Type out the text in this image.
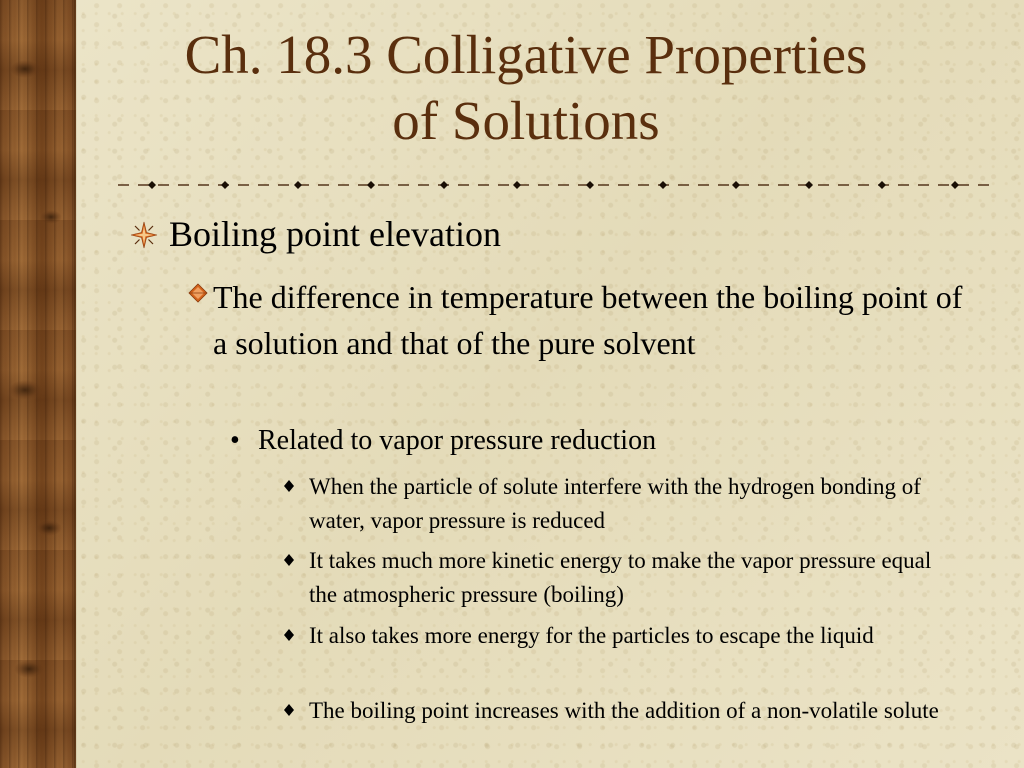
Ch. 18.3 Colligative Properties
of Solutions
Boiling point elevation
The difference in temperature between the boiling point of a solution and that of the pure solvent
• Related to vapor pressure reduction
When the particle of solute interfere with the hydrogen bonding of water, vapor pressure is reduced
It takes much more kinetic energy to make the vapor pressure equal the atmospheric pressure (boiling)
It also takes more energy for the particles to escape the liquid
The boiling point increases with the addition of a non-volatile solute
